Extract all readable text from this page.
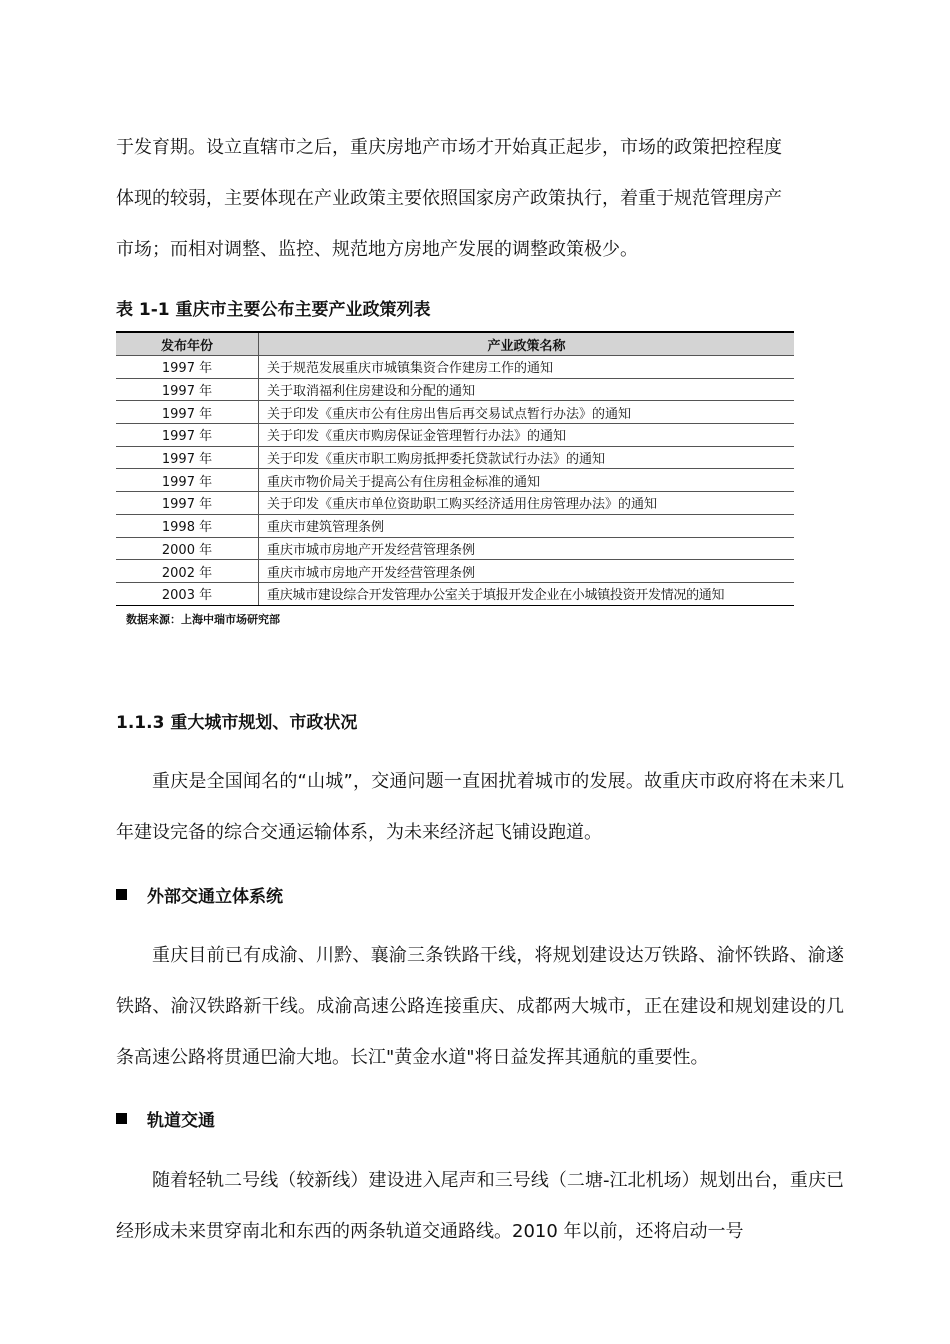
于发育期。设立直辖市之后，重庆房地产市场才开始真正起步，市场的政策把控程度

体现的较弱，主要体现在产业政策主要依照国家房产政策执行，着重于规范管理房产

市场；而相对调整、监控、规范地方房地产发展的调整政策极少。

表 1-1 重庆市主要公布主要产业政策列表
发布年份	产业政策名称
1997 年	关于规范发展重庆市城镇集资合作建房工作的通知
1997 年	关于取消福利住房建设和分配的通知
1997 年	关于印发《重庆市公有住房出售后再交易试点暂行办法》的通知
1997 年	关于印发《重庆市购房保证金管理暂行办法》的通知
1997 年	关于印发《重庆市职工购房抵押委托贷款试行办法》的通知
1997 年	重庆市物价局关于提高公有住房租金标准的通知
1997 年	关于印发《重庆市单位资助职工购买经济适用住房管理办法》的通知
1998 年	重庆市建筑管理条例
2000 年	重庆市城市房地产开发经营管理条例
2002 年	重庆市城市房地产开发经营管理条例
2003 年	重庆城市建设综合开发管理办公室关于填报开发企业在小城镇投资开发情况的通知
数据来源：上海中瑞市场研究部
1.1.3 重大城市规划、市政状况

重庆是全国闻名的“山城”，交通问题一直困扰着城市的发展。故重庆市政府将在未来几年建设完备的综合交通运输体系，为未来经济起飞铺设跑道。

外部交通立体系统

重庆目前已有成渝、川黔、襄渝三条铁路干线，将规划建设达万铁路、渝怀铁路、渝遂铁路、渝汉铁路新干线。成渝高速公路连接重庆、成都两大城市，正在建设和规划建设的几条高速公路将贯通巴渝大地。长江"黄金水道"将日益发挥其通航的重要性。

轨道交通

随着轻轨二号线（较新线）建设进入尾声和三号线（二塘-江北机场）规划出台，重庆已经形成未来贯穿南北和东西的两条轨道交通路线。2010 年以前，还将启动一号
